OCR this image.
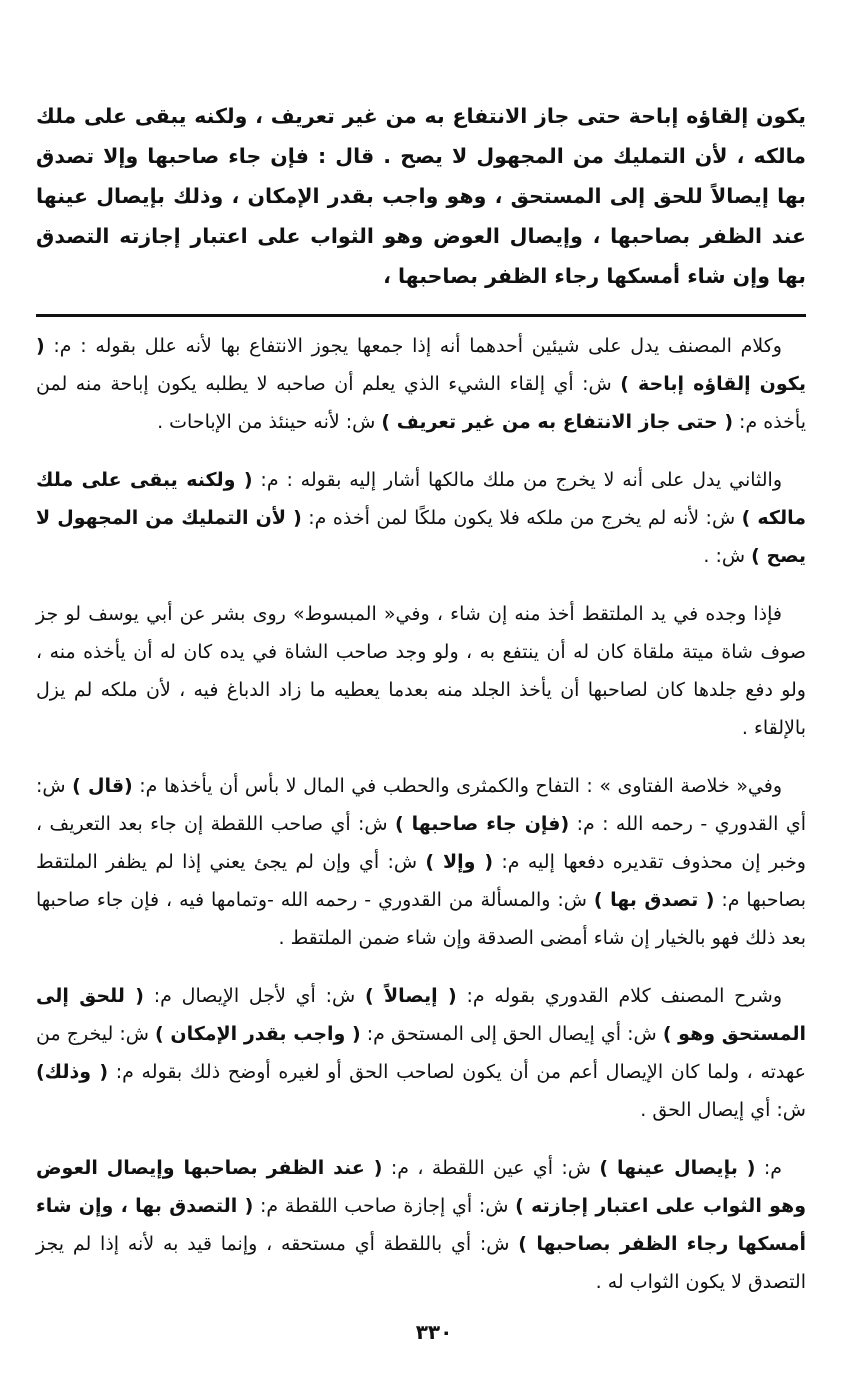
يكون إلقاؤه إباحة حتى جاز الانتفاع به من غير تعريف ، ولكنه يبقى على ملك مالكه ، لأن التمليك من المجهول لا يصح . قال : فإن جاء صاحبها وإلا تصدق بها إيصالاً للحق إلى المستحق ، وهو واجب بقدر الإمكان ، وذلك بإيصال عينها عند الظفر بصاحبها ، وإيصال العوض وهو الثواب على اعتبار إجازته التصدق بها وإن شاء أمسكها رجاء الظفر بصاحبها ،

وكلام المصنف يدل على شيئين أحدهما أنه إذا جمعها يجوز الانتفاع بها لأنه علل بقوله : م: ( يكون إلقاؤه إباحة ) ش: أي إلقاء الشيء الذي يعلم أن صاحبه لا يطلبه يكون إباحة منه لمن يأخذه م: ( حتى جاز الانتفاع به من غير تعريف ) ش: لأنه حينئذ من الإباحات .

والثاني يدل على أنه لا يخرج من ملك مالكها أشار إليه بقوله : م: ( ولكنه يبقى على ملك مالكه ) ش: لأنه لم يخرج من ملكه فلا يكون ملكًا لمن أخذه م: ( لأن التمليك من المجهول لا يصح ) ش: .

فإذا وجده في يد الملتقط أخذ منه إن شاء ، وفي« المبسوط» روى بشر عن أبي يوسف لو جز صوف شاة ميتة ملقاة كان له أن ينتفع به ، ولو وجد صاحب الشاة في يده كان له أن يأخذه منه ، ولو دفع جلدها كان لصاحبها أن يأخذ الجلد منه بعدما يعطيه ما زاد الدباغ فيه ، لأن ملكه لم يزل بالإلقاء .

وفي« خلاصة الفتاوى » : التفاح والكمثرى والحطب في المال لا بأس أن يأخذها م: (قال ) ش: أي القدوري - رحمه الله : م: (فإن جاء صاحبها ) ش: أي صاحب اللقطة إن جاء بعد التعريف ، وخبر إن محذوف تقديره دفعها إليه م: ( وإلا ) ش: أي وإن لم يجئ يعني إذا لم يظفر الملتقط بصاحبها م: ( تصدق بها ) ش: والمسألة من القدوري - رحمه الله -وتمامها فيه ، فإن جاء صاحبها بعد ذلك فهو بالخيار إن شاء أمضى الصدقة وإن شاء ضمن الملتقط .

وشرح المصنف كلام القدوري بقوله م: ( إيصالاً ) ش: أي لأجل الإيصال م: ( للحق إلى المستحق وهو ) ش: أي إيصال الحق إلى المستحق م: ( واجب بقدر الإمكان ) ش: ليخرج من عهدته ، ولما كان الإيصال أعم من أن يكون لصاحب الحق أو لغيره أوضح ذلك بقوله م: ( وذلك) ش: أي إيصال الحق .

م: ( بإيصال عينها ) ش: أي عين اللقطة ، م: ( عند الظفر بصاحبها وإيصال العوض وهو الثواب على اعتبار إجازته ) ش: أي إجازة صاحب اللقطة م: ( التصدق بها ، وإن شاء أمسكها رجاء الظفر بصاحبها ) ش: أي باللقطة أي مستحقه ، وإنما قيد به لأنه إذا لم يجز التصدق لا يكون الثواب له .

٣٣٠
